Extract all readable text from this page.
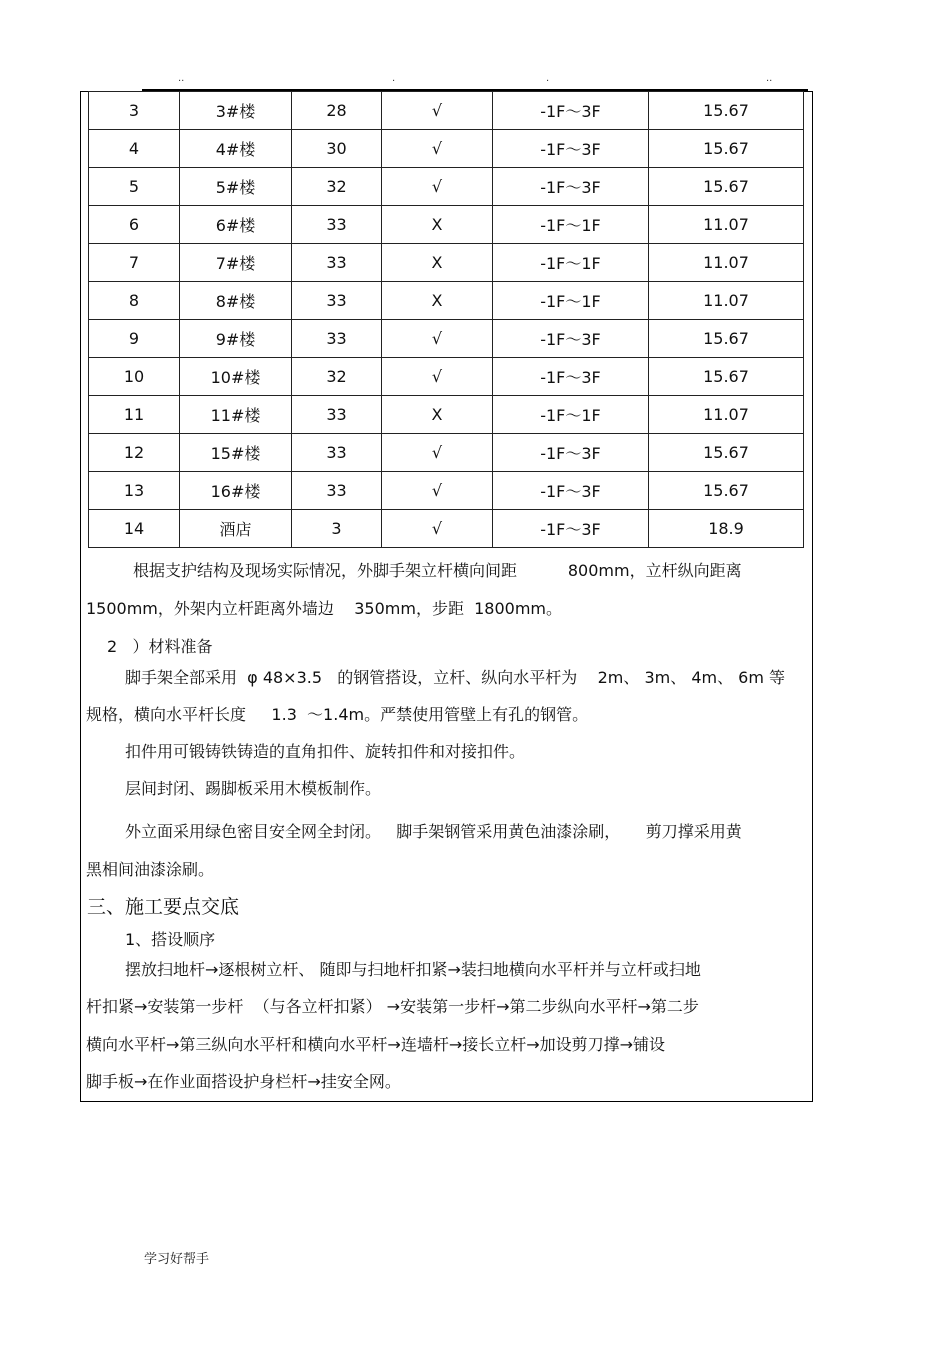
..	.	.	..
3	3#楼	28	√	-1F～3F	15.67
4	4#楼	30	√	-1F～3F	15.67
5	5#楼	32	√	-1F～3F	15.67
6	6#楼	33	X	-1F～1F	11.07
7	7#楼	33	X	-1F～1F	11.07
8	8#楼	33	X	-1F～1F	11.07
9	9#楼	33	√	-1F～3F	15.67
10	10#楼	32	√	-1F～3F	15.67
11	11#楼	33	X	-1F～1F	11.07
12	15#楼	33	√	-1F～3F	15.67
13	16#楼	33	√	-1F～3F	15.67
14	酒店	3	√	-1F～3F	18.9
根据支护结构及现场实际情况，外脚手架立杆横向间距          800mm，立杆纵向距离
1500mm，外架内立杆距离外墙边    350mm，步距  1800mm。
2   ）材料准备
脚手架全部采用  φ 48×3.5   的钢管搭设，立杆、纵向水平杆为    2m、 3m、 4m、 6m 等
规格，横向水平杆长度     1.3  ～1.4m。严禁使用管壁上有孔的钢管。
扣件用可锻铸铁铸造的直角扣件、旋转扣件和对接扣件。
层间封闭、踢脚板采用木模板制作。
外立面采用绿色密目安全网全封闭。   脚手架钢管采用黄色油漆涂刷，     剪刀撑采用黄
黑相间油漆涂刷。
三、施工要点交底
1、搭设顺序
摆放扫地杆→逐根树立杆、 随即与扫地杆扣紧→装扫地横向水平杆并与立杆或扫地
杆扣紧→安装第一步杆  （与各立杆扣紧） →安装第一步杆→第二步纵向水平杆→第二步
横向水平杆→第三纵向水平杆和横向水平杆→连墙杆→接长立杆→加设剪刀撑→铺设
脚手板→在作业面搭设护身栏杆→挂安全网。
学习好帮手
